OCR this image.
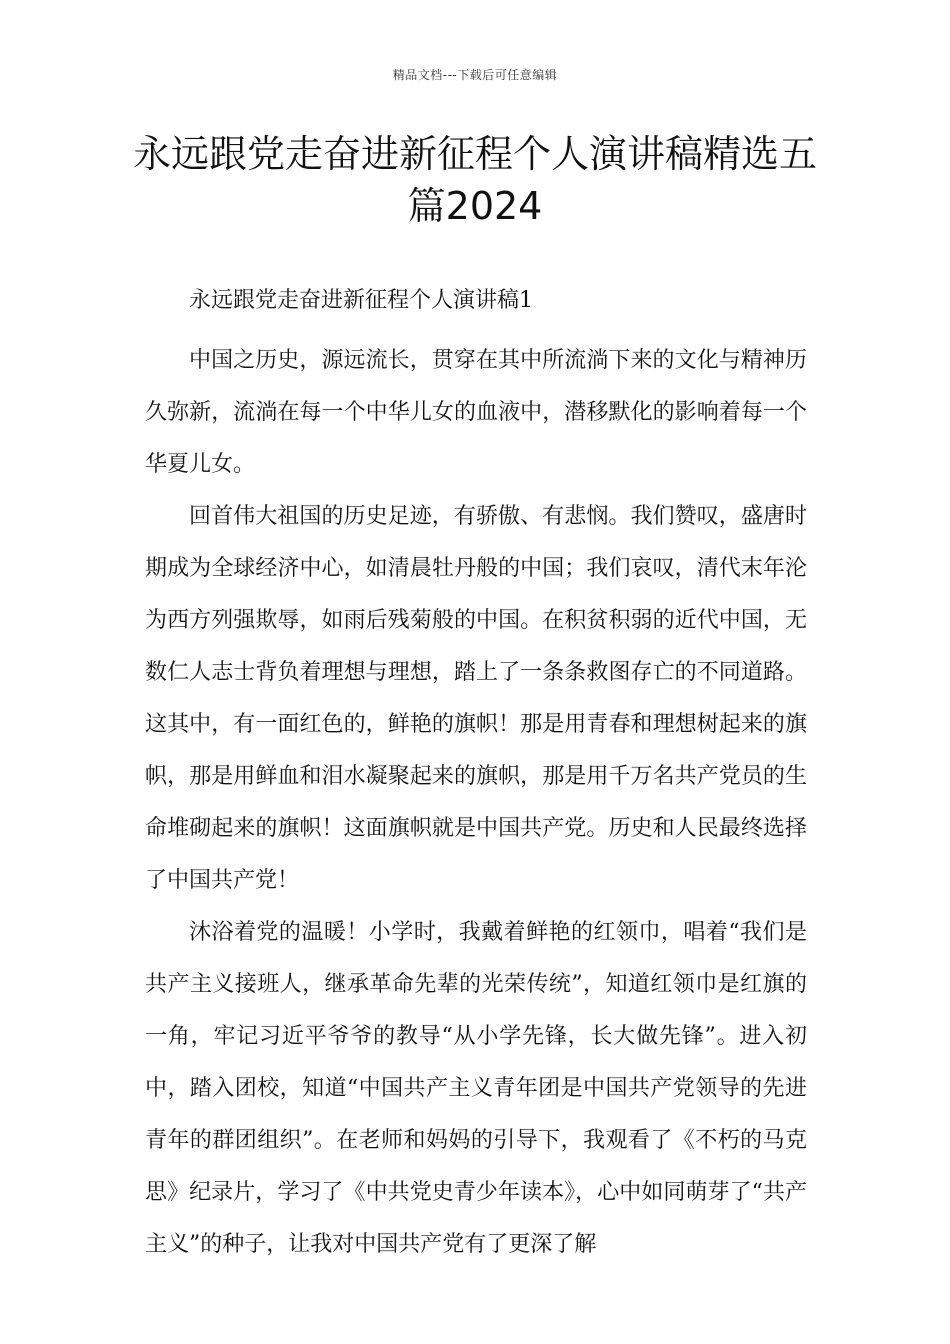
精品文档---下载后可任意编辑
永远跟党走奋进新征程个人演讲稿精选五篇2024

永远跟党走奋进新征程个人演讲稿1

中国之历史，源远流长，贯穿在其中所流淌下来的文化与精神历久弥新，流淌在每一个中华儿女的血液中，潜移默化的影响着每一个华夏儿女。

回首伟大祖国的历史足迹，有骄傲、有悲悯。我们赞叹，盛唐时期成为全球经济中心，如清晨牡丹般的中国；我们哀叹，清代末年沦为西方列强欺辱，如雨后残菊般的中国。在积贫积弱的近代中国，无数仁人志士背负着理想与理想，踏上了一条条救图存亡的不同道路。这其中，有一面红色的，鲜艳的旗帜！那是用青春和理想树起来的旗帜，那是用鲜血和泪水凝聚起来的旗帜，那是用千万名共产党员的生命堆砌起来的旗帜！这面旗帜就是中国共产党。历史和人民最终选择了中国共产党！

沐浴着党的温暖！小学时，我戴着鲜艳的红领巾，唱着“我们是共产主义接班人，继承革命先辈的光荣传统”，知道红领巾是红旗的一角，牢记习近平爷爷的教导“从小学先锋，长大做先锋”。进入初中，踏入团校，知道“中国共产主义青年团是中国共产党领导的先进青年的群团组织”。在老师和妈妈的引导下，我观看了《不朽的马克思》纪录片，学习了《中共党史青少年读本》，心中如同萌芽了“共产主义”的种子，让我对中国共产党有了更深了解
